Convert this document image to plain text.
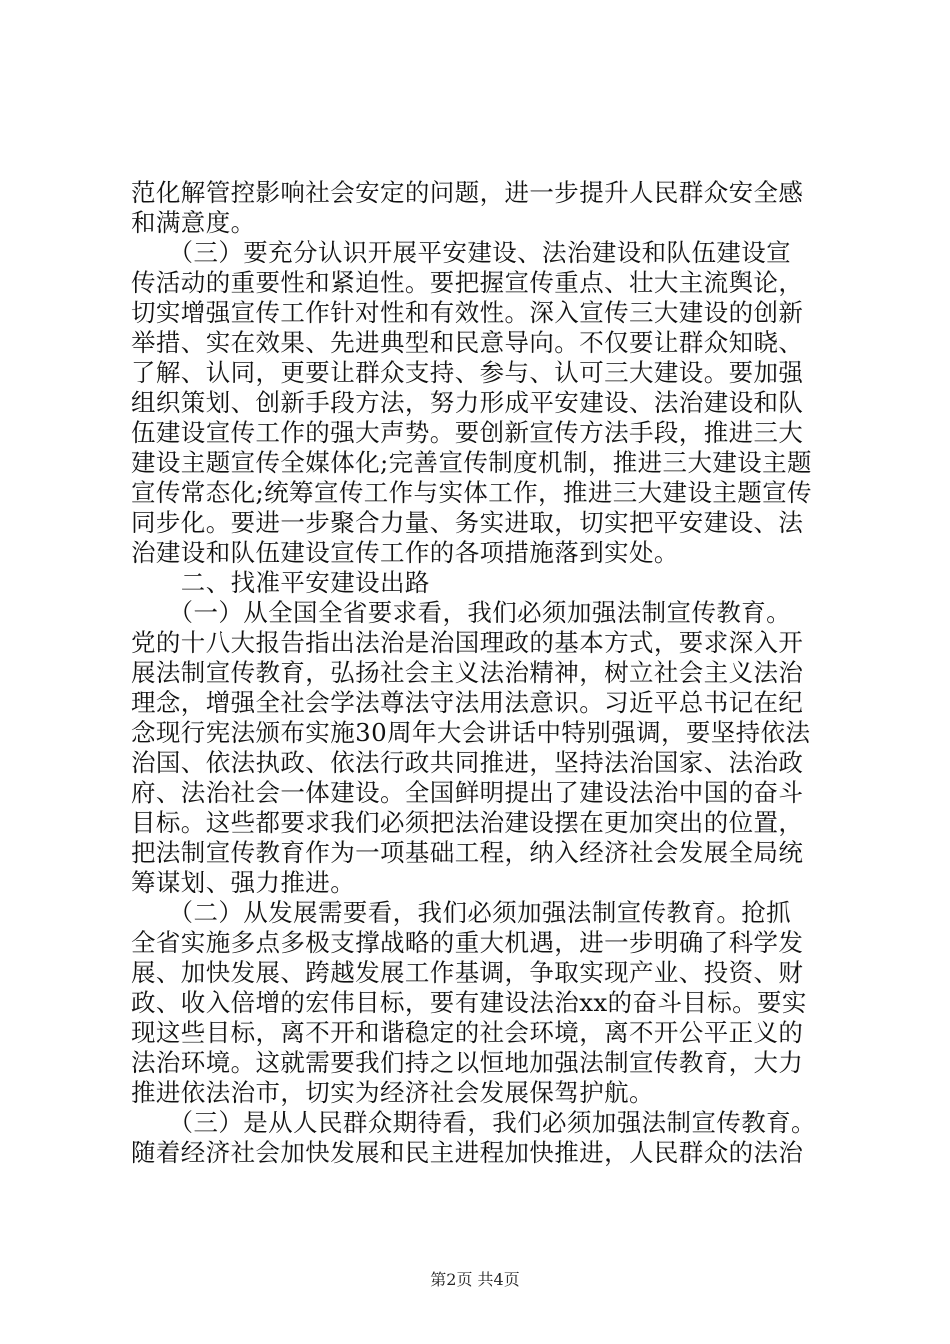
范化解管控影响社会安定的问题，进一步提升人民群众安全感
和满意度。
　　（三）要充分认识开展平安建设、法治建设和队伍建设宣
传活动的重要性和紧迫性。要把握宣传重点、壮大主流舆论，
切实增强宣传工作针对性和有效性。深入宣传三大建设的创新
举措、实在效果、先进典型和民意导向。不仅要让群众知晓、
了解、认同，更要让群众支持、参与、认可三大建设。要加强
组织策划、创新手段方法，努力形成平安建设、法治建设和队
伍建设宣传工作的强大声势。要创新宣传方法手段，推进三大
建设主题宣传全媒体化;完善宣传制度机制，推进三大建设主题
宣传常态化;统筹宣传工作与实体工作，推进三大建设主题宣传
同步化。要进一步聚合力量、务实进取，切实把平安建设、法
治建设和队伍建设宣传工作的各项措施落到实处。
　　二、找准平安建设出路
　　（一）从全国全省要求看，我们必须加强法制宣传教育。
党的十八大报告指出法治是治国理政的基本方式，要求深入开
展法制宣传教育，弘扬社会主义法治精神，树立社会主义法治
理念，增强全社会学法尊法守法用法意识。习近平总书记在纪
念现行宪法颁布实施30周年大会讲话中特别强调，要坚持依法
治国、依法执政、依法行政共同推进，坚持法治国家、法治政
府、法治社会一体建设。全国鲜明提出了建设法治中国的奋斗
目标。这些都要求我们必须把法治建设摆在更加突出的位置，
把法制宣传教育作为一项基础工程，纳入经济社会发展全局统
筹谋划、强力推进。
　　（二）从发展需要看，我们必须加强法制宣传教育。抢抓
全省实施多点多极支撑战略的重大机遇，进一步明确了科学发
展、加快发展、跨越发展工作基调，争取实现产业、投资、财
政、收入倍增的宏伟目标，要有建设法治xx的奋斗目标。要实
现这些目标，离不开和谐稳定的社会环境，离不开公平正义的
法治环境。这就需要我们持之以恒地加强法制宣传教育，大力
推进依法治市，切实为经济社会发展保驾护航。
　　（三）是从人民群众期待看，我们必须加强法制宣传教育。
随着经济社会加快发展和民主进程加快推进，人民群众的法治
第2页 共4页
